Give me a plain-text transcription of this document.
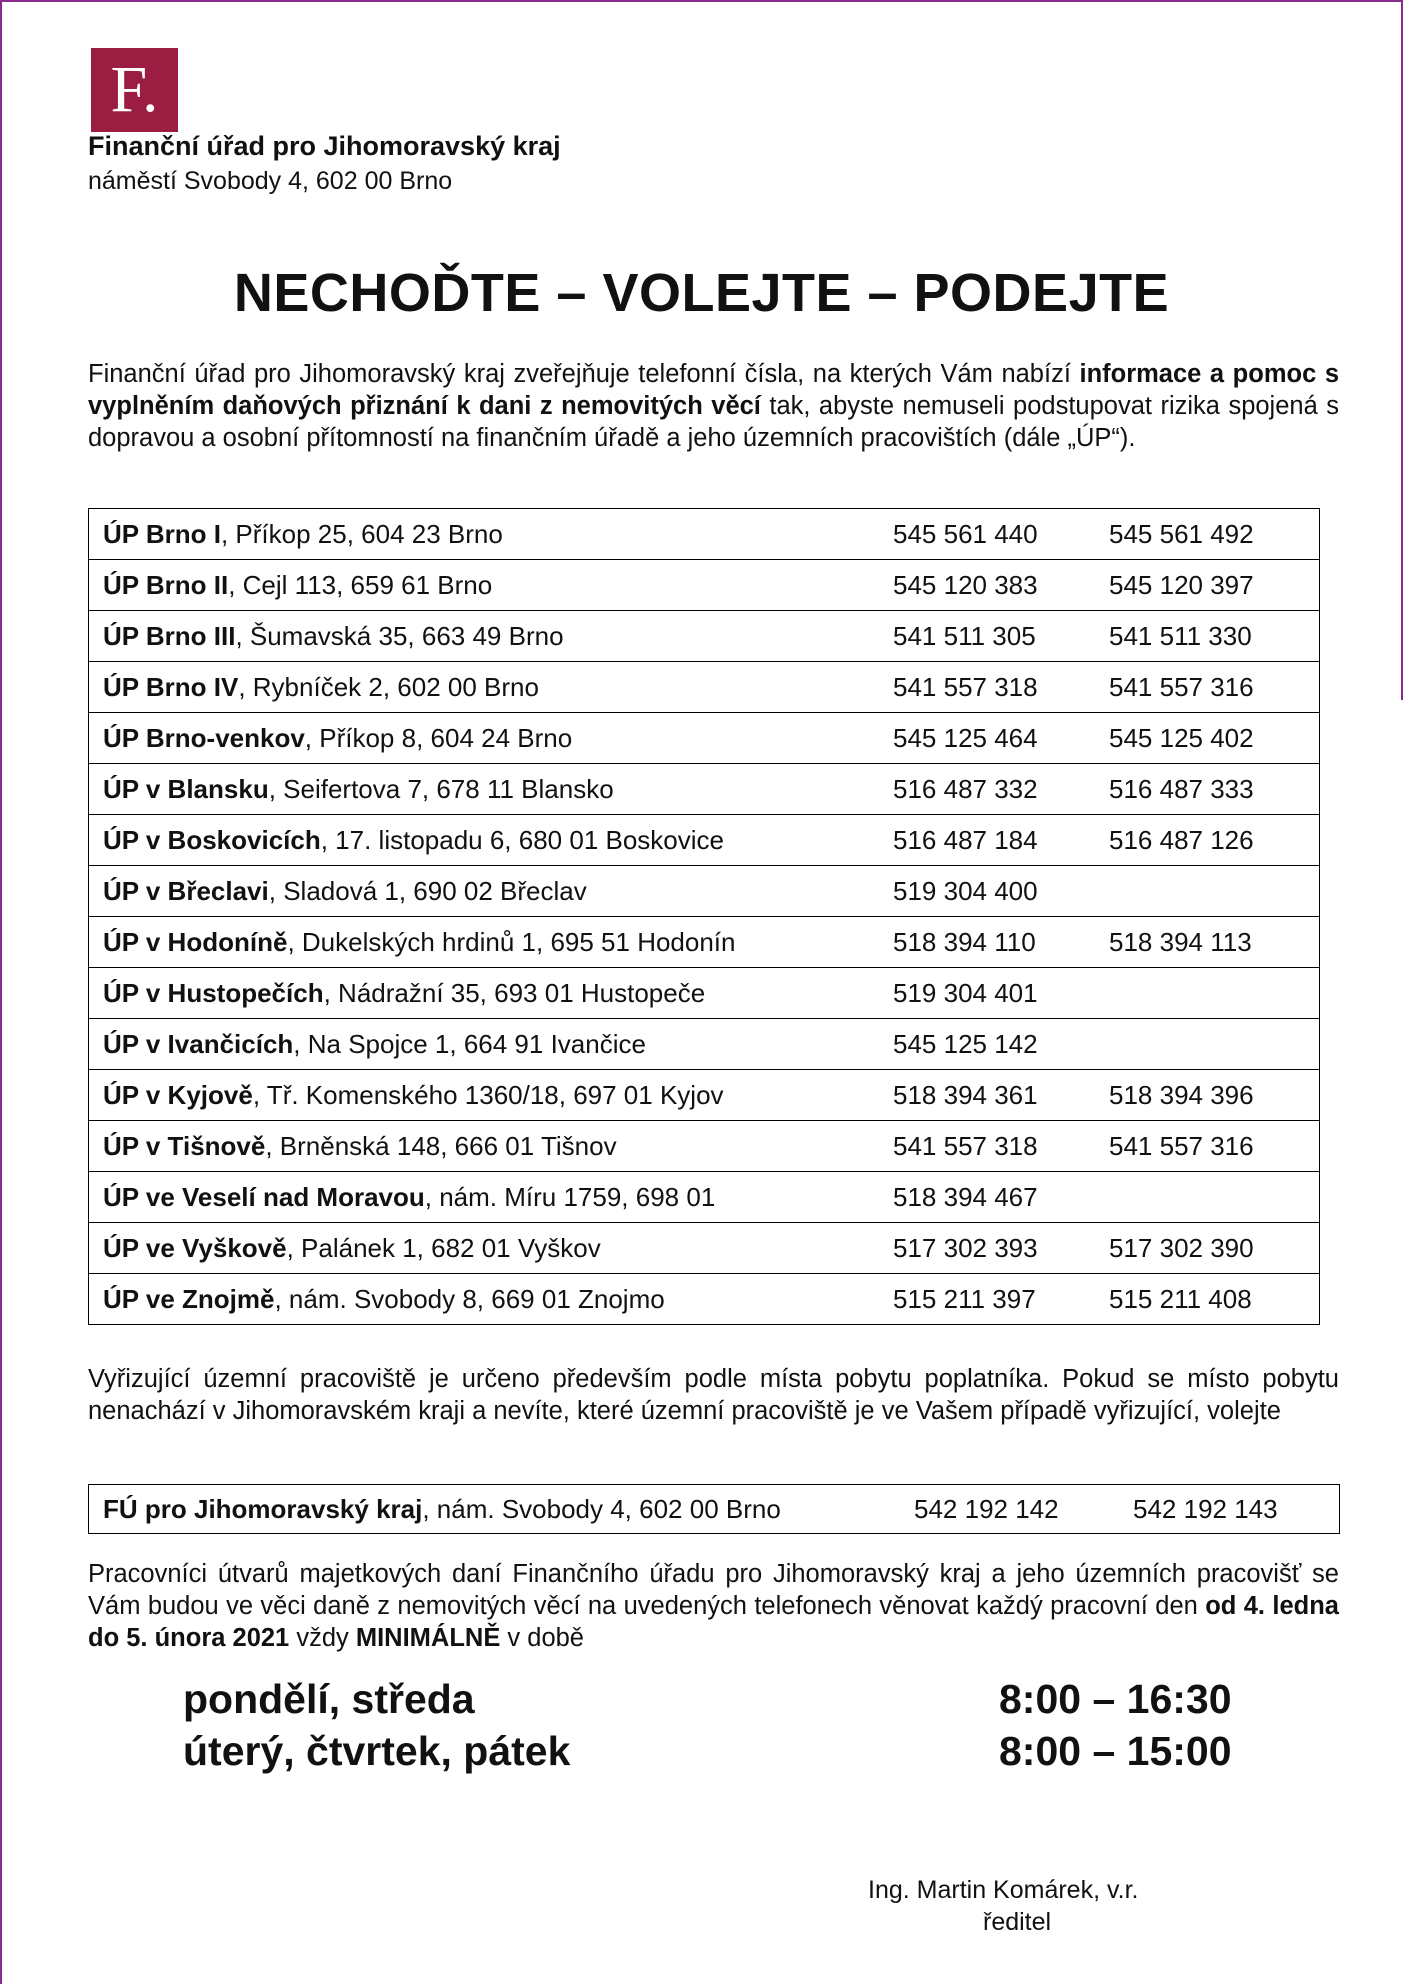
F.
Finanční úřad pro Jihomoravský kraj
náměstí Svobody 4, 602 00 Brno
NECHOĎTE – VOLEJTE – PODEJTE
Finanční úřad pro Jihomoravský kraj zveřejňuje telefonní čísla, na kterých Vám nabízí informace a pomoc s vyplněním daňových přiznání k dani z nemovitých věcí tak, abyste nemuseli podstupovat rizika spojená s dopravou a osobní přítomností na finančním úřadě a jeho územních pracovištích (dále „ÚP“).
ÚP Brno I, Příkop 25, 604 23 Brno	545 561 440	545 561 492
ÚP Brno II, Cejl 113, 659 61 Brno	545 120 383	545 120 397
ÚP Brno III, Šumavská 35, 663 49 Brno	541 511 305	541 511 330
ÚP Brno IV, Rybníček 2, 602 00 Brno	541 557 318	541 557 316
ÚP Brno-venkov, Příkop 8, 604 24 Brno	545 125 464	545 125 402
ÚP v Blansku, Seifertova 7, 678 11 Blansko	516 487 332	516 487 333
ÚP v Boskovicích, 17. listopadu 6, 680 01 Boskovice	516 487 184	516 487 126
ÚP v Břeclavi, Sladová 1, 690 02 Břeclav	519 304 400	
ÚP v Hodoníně, Dukelských hrdinů 1, 695 51 Hodonín	518 394 110	518 394 113
ÚP v Hustopečích, Nádražní 35, 693 01 Hustopeče	519 304 401	
ÚP v Ivančicích, Na Spojce 1, 664 91 Ivančice	545 125 142	
ÚP v Kyjově, Tř. Komenského 1360/18, 697 01 Kyjov	518 394 361	518 394 396
ÚP v Tišnově, Brněnská 148, 666 01 Tišnov	541 557 318	541 557 316
ÚP ve Veselí nad Moravou, nám. Míru 1759, 698 01	518 394 467	
ÚP ve Vyškově, Palánek 1, 682 01 Vyškov	517 302 393	517 302 390
ÚP ve Znojmě, nám. Svobody 8, 669 01 Znojmo	515 211 397	515 211 408
Vyřizující územní pracoviště je určeno především podle místa pobytu poplatníka. Pokud se místo pobytu nenachází v Jihomoravském kraji a nevíte, které územní pracoviště je ve Vašem případě vyřizující, volejte
FÚ pro Jihomoravský kraj, nám. Svobody 4, 602 00 Brno	542 192 142	542 192 143
Pracovníci útvarů majetkových daní Finančního úřadu pro Jihomoravský kraj a jeho územních pracovišť se Vám budou ve věci daně z nemovitých věcí na uvedených telefonech věnovat každý pracovní den od 4. ledna do 5. února 2021 vždy MINIMÁLNĚ v době
pondělí, středa	8:00 – 16:30
úterý, čtvrtek, pátek	8:00 – 15:00
Ing. Martin Komárek, v.r.
ředitel
